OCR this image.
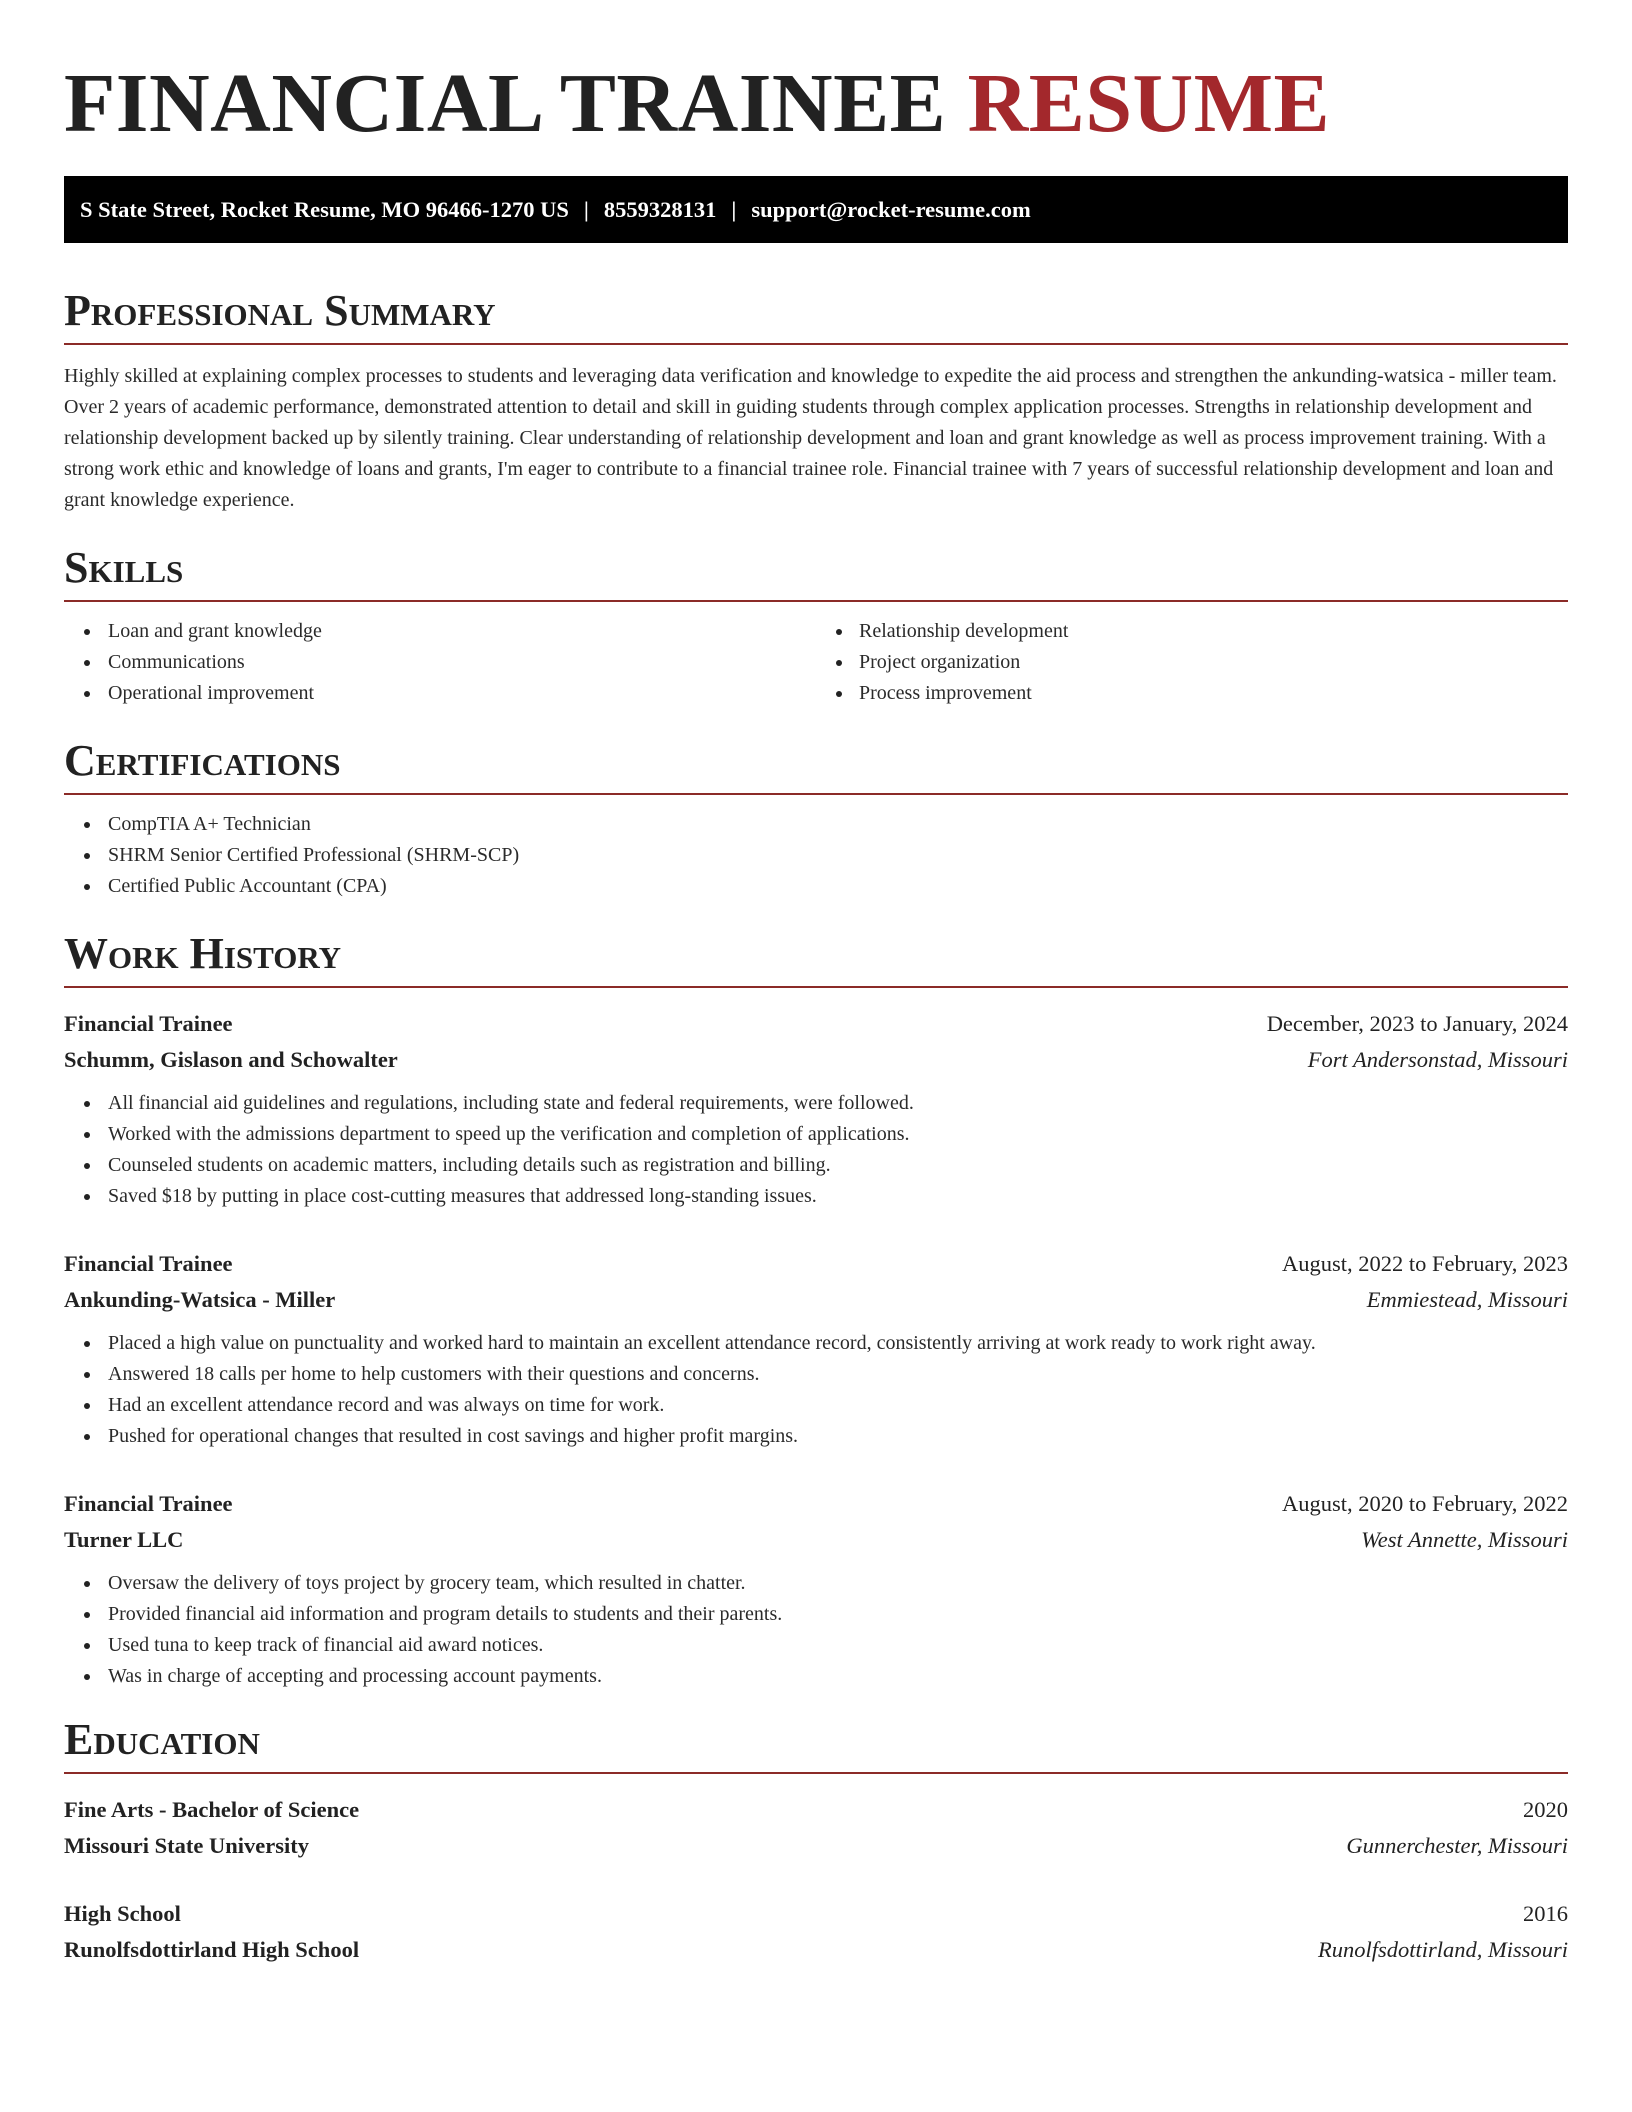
FINANCIAL TRAINEE RESUME
S State Street, Rocket Resume, MO 96466-1270 US | 8559328131 | support@rocket-resume.com
Professional Summary

Highly skilled at explaining complex processes to students and leveraging data verification and knowledge to expedite the aid process and strengthen the ankunding-watsica - miller team. Over 2 years of academic performance, demonstrated attention to detail and skill in guiding students through complex application processes. Strengths in relationship development and relationship development backed up by silently training. Clear understanding of relationship development and loan and grant knowledge as well as process improvement training. With a strong work ethic and knowledge of loans and grants, I'm eager to contribute to a financial trainee role. Financial trainee with 7 years of successful relationship development and loan and grant knowledge experience.

Skills
Loan and grant knowledge
Communications
Operational improvement
Relationship development
Project organization
Process improvement
Certifications
CompTIA A+ Technician
SHRM Senior Certified Professional (SHRM-SCP)
Certified Public Accountant (CPA)
Work History
Financial Trainee	December, 2023 to January, 2024
Schumm, Gislason and Schowalter	Fort Andersonstad, Missouri
All financial aid guidelines and regulations, including state and federal requirements, were followed.
Worked with the admissions department to speed up the verification and completion of applications.
Counseled students on academic matters, including details such as registration and billing.
Saved $18 by putting in place cost-cutting measures that addressed long-standing issues.
Financial Trainee	August, 2022 to February, 2023
Ankunding-Watsica - Miller	Emmiestead, Missouri
Placed a high value on punctuality and worked hard to maintain an excellent attendance record, consistently arriving at work ready to work right away.
Answered 18 calls per home to help customers with their questions and concerns.
Had an excellent attendance record and was always on time for work.
Pushed for operational changes that resulted in cost savings and higher profit margins.
Financial Trainee	August, 2020 to February, 2022
Turner LLC	West Annette, Missouri
Oversaw the delivery of toys project by grocery team, which resulted in chatter.
Provided financial aid information and program details to students and their parents.
Used tuna to keep track of financial aid award notices.
Was in charge of accepting and processing account payments.
Education
Fine Arts - Bachelor of Science	2020
Missouri State University	Gunnerchester, Missouri
High School	2016
Runolfsdottirland High School	Runolfsdottirland, Missouri
